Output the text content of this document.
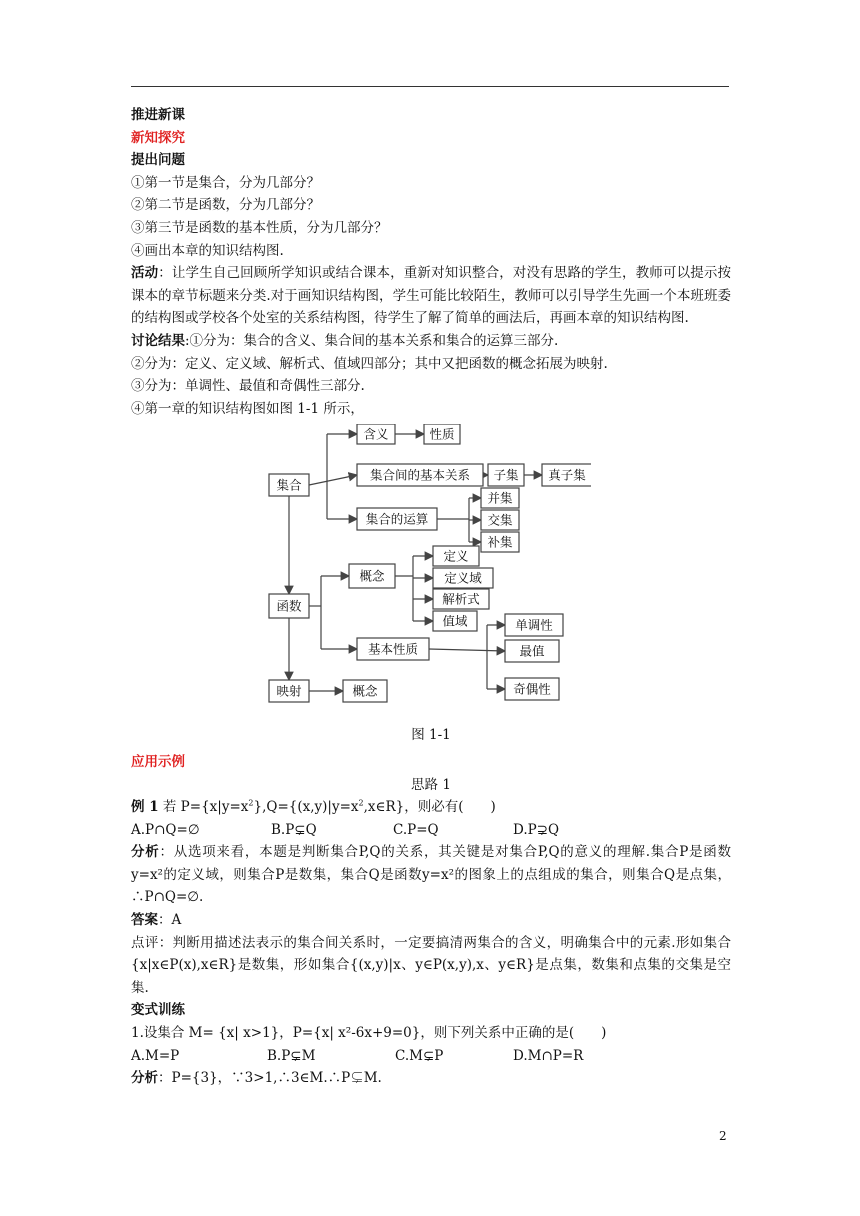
推进新课
新知探究
提出问题
①第一节是集合，分为几部分？
②第二节是函数，分为几部分？
③第三节是函数的基本性质，分为几部分？
④画出本章的知识结构图.
活动：让学生自己回顾所学知识或结合课本，重新对知识整合，对没有思路的学生，教师可以提示按课本的章节标题来分类.对于画知识结构图，学生可能比较陌生，教师可以引导学生先画一个本班班委的结构图或学校各个处室的关系结构图，待学生了解了简单的画法后，再画本章的知识结构图.
讨论结果:①分为：集合的含义、集合间的基本关系和集合的运算三部分.
②分为：定义、定义域、解析式、值域四部分；其中又把函数的概念拓展为映射.
③分为：单调性、最值和奇偶性三部分.
④第一章的知识结构图如图 1-1 所示，
集合
含义	性质
集合间的基本关系 子集 真子集
集合的运算
并集
交集
补集
函数
概念
定义
定义域
解析式
值域
基本性质
单调性
最值
奇偶性
映射	概念
图 1-1
应用示例
思路 1
例 1 若 $P=\{x|y=x^2\},Q=\{(x,y)|y=x^2,x\in R\}$，则必有(　　)
A.P∩Q=∅	B.P⊊Q	C.P=Q	D.P⊋Q
分析：从选项来看，本题是判断集合P,Q的关系，其关键是对集合P,Q的意义的理解.集合P是函数y=x²的定义域，则集合P是数集，集合Q是函数y=x²的图象上的点组成的集合，则集合Q是点集，∴P∩Q=∅.
答案：A
点评：判断用描述法表示的集合间关系时，一定要搞清两集合的含义，明确集合中的元素.形如集合{x|x∈P(x),x∈R}是数集，形如集合{(x,y)|x、y∈P(x,y),x、y∈R}是点集，数集和点集的交集是空集.
变式训练
1.设集合 M= {x| x>1}，P={x| x²-6x+9=0}，则下列关系中正确的是(　　)
A.M=P	B.P⊊M	C.M⊊P	D.M∩P=R
分析：P={3}，∵3>1,∴3∈M.∴P⊊M.
2
